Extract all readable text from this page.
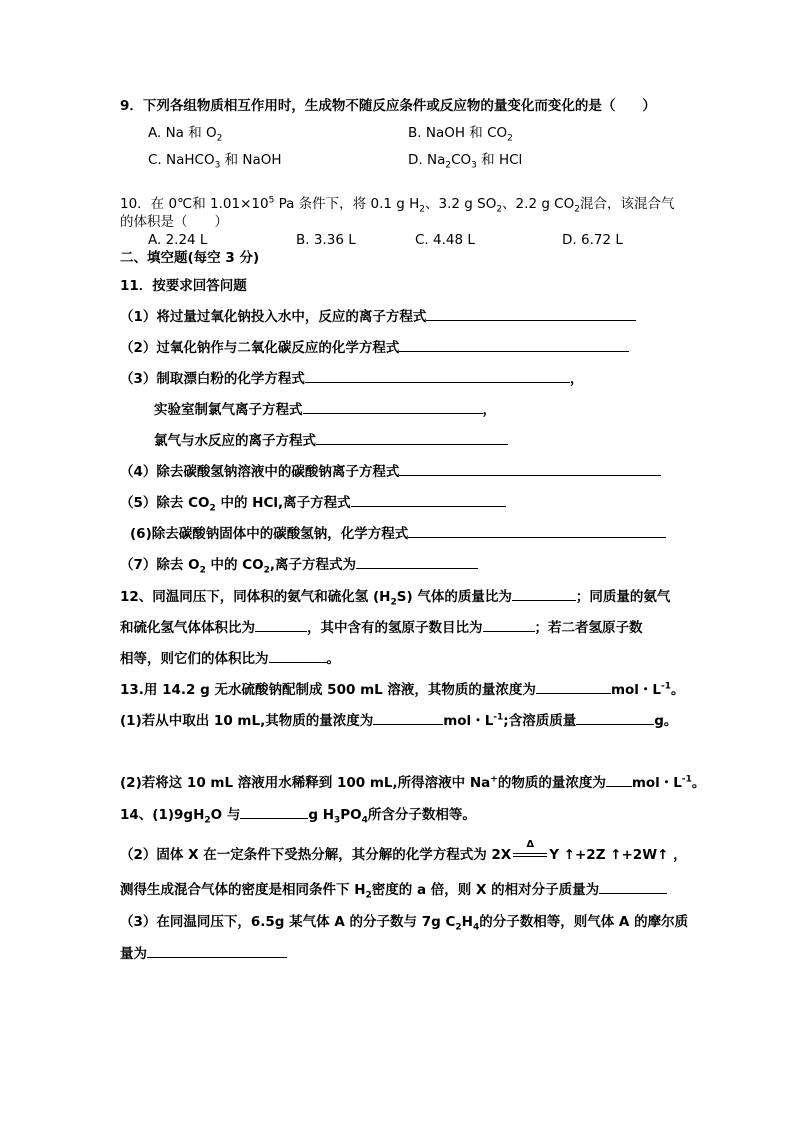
9．下列各组物质相互作用时，生成物不随反应条件或反应物的量变化而变化的是（　　）
A. Na 和 $O_2$	B. NaOH 和 $CO_2$
C. NaHCO$_3$ 和 NaOH	D. $Na_2CO_3$ 和 HCl
10．在 0℃和 $1.01\times 10^5$ Pa 条件下，将 0.1 g $H_2$、3.2 g $SO_2$、2.2 g $CO_2$混合，该混合气
的体积是（　　）
A. 2.24 L	B. 3.36 L	C. 4.48 L	D. 6.72 L
二、填空题(每空 3 分)
11．按要求回答问题
（1）将过量过氧化钠投入水中，反应的离子方程式
（2）过氧化钠作与二氧化碳反应的化学方程式
（3）制取漂白粉的化学方程式	，
实验室制氯气离子方程式	，
氯气与水反应的离子方程式
（4）除去碳酸氢钠溶液中的碳酸钠离子方程式
（5）除去 $CO_2$ 中的 HCl,离子方程式
(6)除去碳酸钠固体中的碳酸氢钠，化学方程式
（7）除去 $O_2$ 中的 $CO_2$,离子方程式为
12、同温同压下，同体积的氨气和硫化氢 $(H_2S)$ 气体的质量比为	；同质量的氨气
和硫化氢气体体积比为	，其中含有的氢原子数目比为	；若二者氢原子数
相等，则它们的体积比为	。
13.用 14.2 g 无水硫酸钠配制成 500 mL 溶液，其物质的量浓度为	mol・$L^{-1}$。
(1)若从中取出 10 mL,其物质的量浓度为	mol・$L^{-1}$;含溶质质量	g。
(2)若将这 10 mL 溶液用水稀释到 100 mL,所得溶液中 Na+的物质的量浓度为 mol・$L^{-1}$。
14、$(1)9gH_2O$ 与	g $H_3PO_4$所含分子数相等。
（2）固体 X 在一定条件下受热分解，其分解的化学方程式为 2X
Δ
Y ↑+2Z ↑+2W↑ ，
测得生成混合气体的密度是相同条件下 $H_2$密度的 a 倍，则 X 的相对分子质量为
（3）在同温同压下，6.5g 某气体 A 的分子数与 7g $C_2H_4$的分子数相等，则气体 A 的摩尔质
量为
